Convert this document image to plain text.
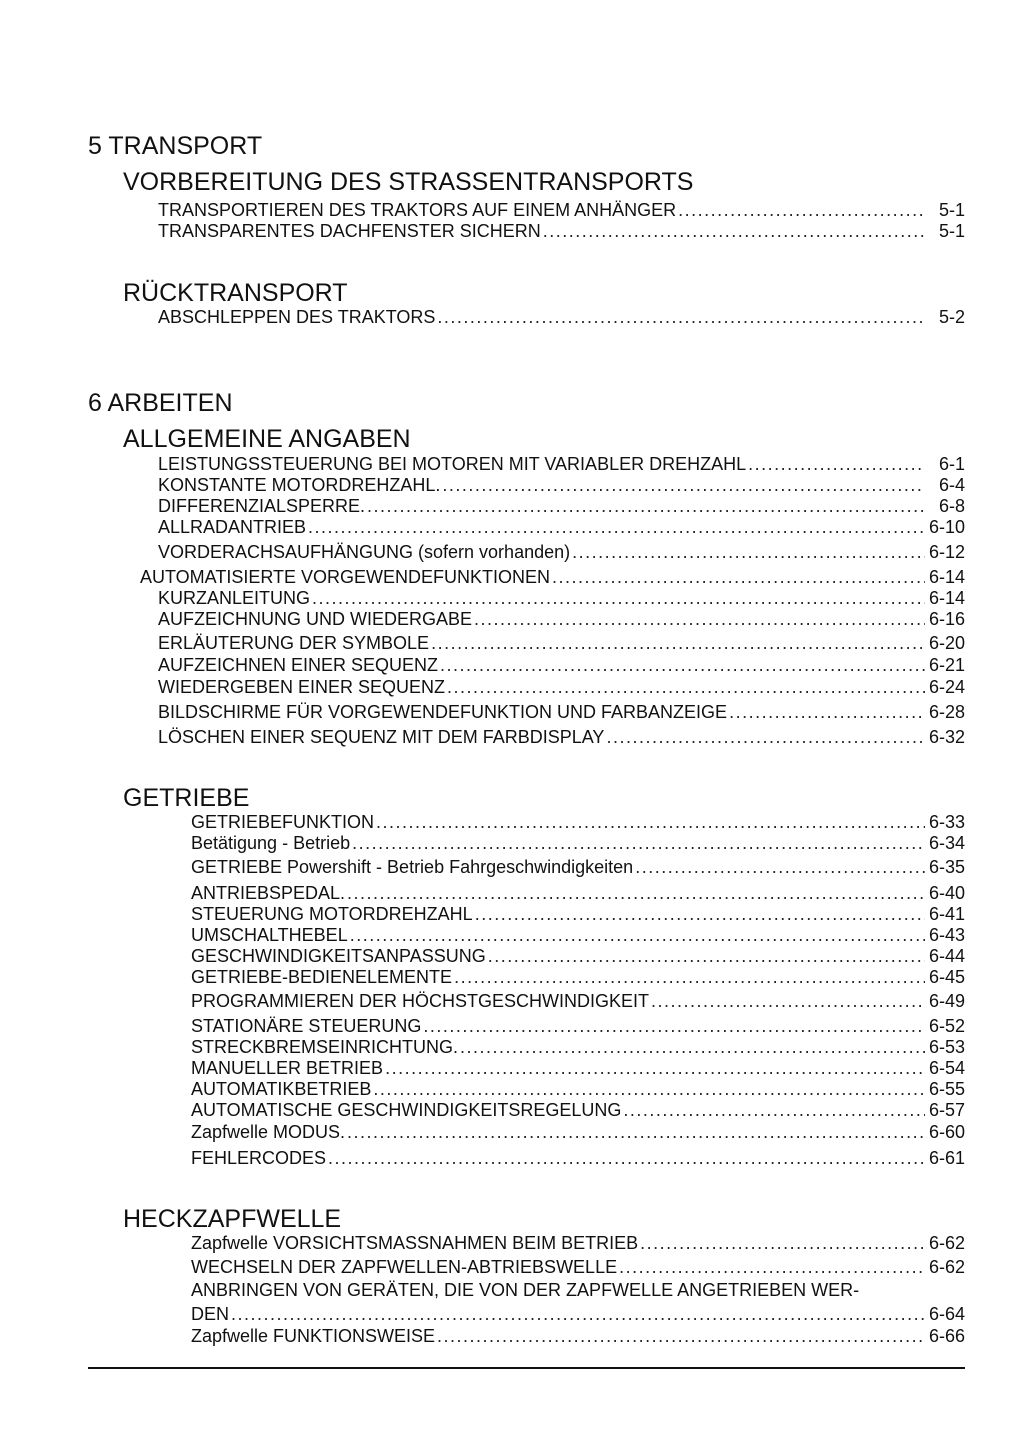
5 TRANSPORT
VORBEREITUNG DES STRASSENTRANSPORTS
TRANSPORTIEREN DES TRAKTORS AUF EINEM ANHÄNGER .....	5-1
TRANSPARENTES DACHFENSTER SICHERN .....	5-1
RÜCKTRANSPORT
ABSCHLEPPEN DES TRAKTORS .....	5-2
6 ARBEITEN
ALLGEMEINE ANGABEN
LEISTUNGSSTEUERUNG BEI MOTOREN MIT VARIABLER DREHZAHL .....	6-1
KONSTANTE MOTORDREHZAHL. .....	6-4
DIFFERENZIALSPERRE. .....	6-8
ALLRADANTRIEB .....	6-10
VORDERACHSAUFHÄNGUNG (sofern vorhanden) .....	6-12
AUTOMATISIERTE VORGEWENDEFUNKTIONEN .....	6-14
KURZANLEITUNG .....	6-14
AUFZEICHNUNG UND WIEDERGABE .....	6-16
ERLÄUTERUNG DER SYMBOLE .....	6-20
AUFZEICHNEN EINER SEQUENZ .....	6-21
WIEDERGEBEN EINER SEQUENZ .....	6-24
BILDSCHIRME FÜR VORGEWENDEFUNKTION UND FARBANZEIGE .....	6-28
LÖSCHEN EINER SEQUENZ MIT DEM FARBDISPLAY .....	6-32
GETRIEBE
GETRIEBEFUNKTION .....	6-33
Betätigung - Betrieb .....	6-34
GETRIEBE Powershift - Betrieb Fahrgeschwindigkeiten .....	6-35
ANTRIEBSPEDAL. .....	6-40
STEUERUNG MOTORDREHZAHL .....	6-41
UMSCHALTHEBEL .....	6-43
GESCHWINDIGKEITSANPASSUNG .....	6-44
GETRIEBE-BEDIENELEMENTE .....	6-45
PROGRAMMIEREN DER HÖCHSTGESCHWINDIGKEIT .....	6-49
STATIONÄRE STEUERUNG .....	6-52
STRECKBREMSEINRICHTUNG. .....	6-53
MANUELLER BETRIEB .....	6-54
AUTOMATIKBETRIEB .....	6-55
AUTOMATISCHE GESCHWINDIGKEITSREGELUNG .....	6-57
Zapfwelle MODUS. .....	6-60
FEHLERCODES .....	6-61
HECKZAPFWELLE
Zapfwelle VORSICHTSMASSNAHMEN BEIM BETRIEB .....	6-62
WECHSELN DER ZAPFWELLEN-ABTRIEBSWELLE .....	6-62
ANBRINGEN VON GERÄTEN, DIE VON DER ZAPFWELLE ANGETRIEBEN WER-
DEN .....	6-64
Zapfwelle FUNKTIONSWEISE .....	6-66
